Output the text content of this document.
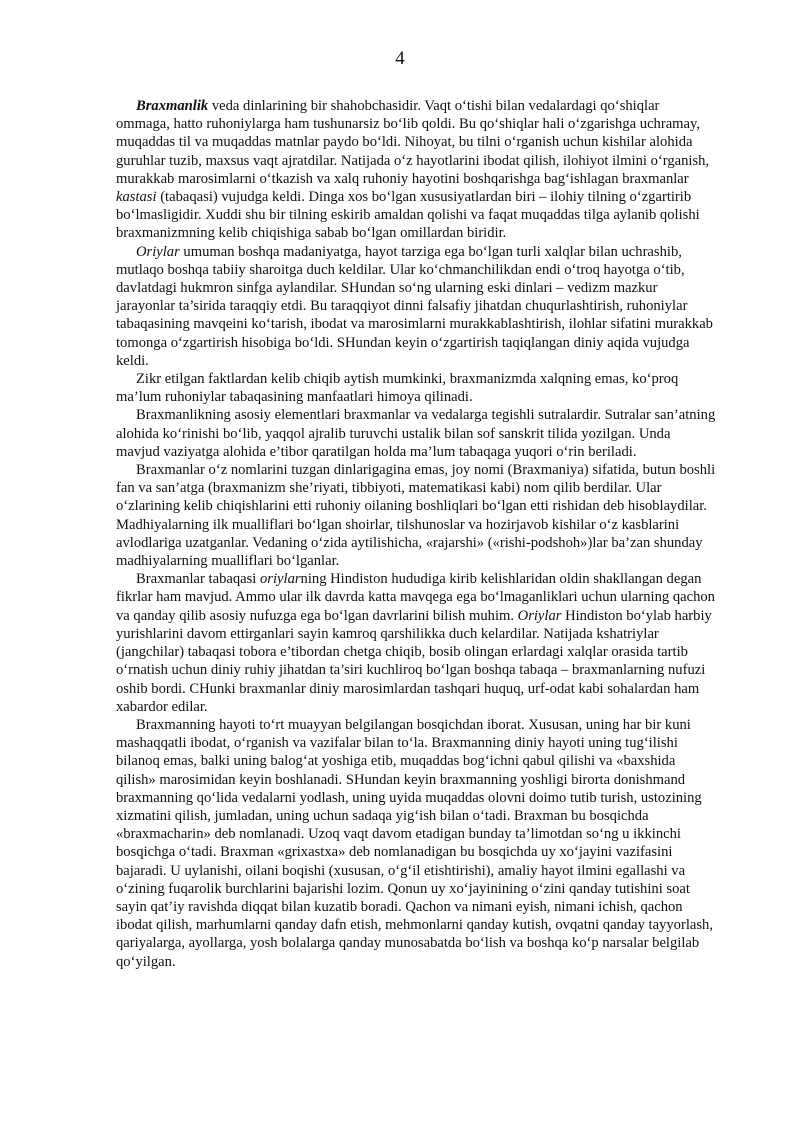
4

Braxmanlik veda dinlarining bir shahobchasidir. Vaqt o‘tishi bilan vedalardagi qo‘shiqlar ommaga, hatto ruhoniylarga ham tushunarsiz bo‘lib qoldi. Bu qo‘shiqlar hali o‘zgarishga uchramay, muqaddas til va muqaddas matnlar paydo bo‘ldi. Nihoyat, bu tilni o‘rganish uchun kishilar alohida guruhlar tuzib, maxsus vaqt ajratdilar. Natijada o‘z hayotlarini ibodat qilish, ilohiyot ilmini o‘rganish, murakkab marosimlarni o‘tkazish va xalq ruhoniy hayotini boshqarishga bag‘ishlagan braxmanlar kastasi (tabaqasi) vujudga keldi. Dinga xos bo‘lgan xususiyatlardan biri – ilohiy tilning o‘zgartirib bo‘lmasligidir. Xuddi shu bir tilning eskirib amaldan qolishi va faqat muqaddas tilga aylanib qolishi braxmanizmning kelib chiqishiga sabab bo‘lgan omillardan biridir.

Oriylar umuman boshqa madaniyatga, hayot tarziga ega bo‘lgan turli xalqlar bilan uchrashib, mutlaqo boshqa tabiiy sharoitga duch keldilar. Ular ko‘chmanchilikdan endi o‘troq hayotga o‘tib, davlatdagi hukmron sinfga aylandilar. SHundan so‘ng ularning eski dinlari – vedizm mazkur jarayonlar ta’sirida taraqqiy etdi. Bu taraqqiyot dinni falsafiy jihatdan chuqurlashtirish, ruhoniylar tabaqasining mavqeini ko‘tarish, ibodat va marosimlarni murakkablashtirish, ilohlar sifatini murakkab tomonga o‘zgartirish hisobiga bo‘ldi. SHundan keyin o‘zgartirish taqiqlangan diniy aqida vujudga keldi.

Zikr etilgan faktlardan kelib chiqib aytish mumkinki, braxmanizmda xalqning emas, ko‘proq ma’lum ruhoniylar tabaqasining manfaatlari himoya qilinadi.

Braxmanlikning asosiy elementlari braxmanlar va vedalarga tegishli sutralardir. Sutralar san’atning alohida ko‘rinishi bo‘lib, yaqqol ajralib turuvchi ustalik bilan sof sanskrit tilida yozilgan. Unda mavjud vaziyatga alohida e’tibor qaratilgan holda ma’lum tabaqaga yuqori o‘rin beriladi.

Braxmanlar o‘z nomlarini tuzgan dinlarigagina emas, joy nomi (Braxmaniya) sifatida, butun boshli fan va san’atga (braxmanizm she’riyati, tibbiyoti, matematikasi kabi) nom qilib berdilar. Ular o‘zlarining kelib chiqishlarini etti ruhoniy oilaning boshliqlari bo‘lgan etti rishidan deb hisoblaydilar. Madhiyalarning ilk mualliflari bo‘lgan shoirlar, tilshunoslar va hozirjavob kishilar o‘z kasblarini avlodlariga uzatganlar. Vedaning o‘zida aytilishicha, «rajarshi» («rishi-podshoh»)lar ba’zan shunday madhiyalarning mualliflari bo‘lganlar.

Braxmanlar tabaqasi oriylarning Hindiston hududiga kirib kelishlaridan oldin shakllangan degan fikrlar ham mavjud. Ammo ular ilk davrda katta mavqega ega bo‘lmaganliklari uchun ularning qachon va qanday qilib asosiy nufuzga ega bo‘lgan davrlarini bilish muhim. Oriylar Hindiston bo‘ylab harbiy yurishlarini davom ettirganlari sayin kamroq qarshilikka duch kelardilar. Natijada kshatriylar (jangchilar) tabaqasi tobora e’tibordan chetga chiqib, bosib olingan erlardagi xalqlar orasida tartib o‘rnatish uchun diniy ruhiy jihatdan ta’siri kuchliroq bo‘lgan boshqa tabaqa – braxmanlarning nufuzi oshib bordi. CHunki braxmanlar diniy marosimlardan tashqari huquq, urf-odat kabi sohalardan ham xabardor edilar.

Braxmanning hayoti to‘rt muayyan belgilangan bosqichdan iborat. Xususan, uning har bir kuni mashaqqatli ibodat, o‘rganish va vazifalar bilan to‘la. Braxmanning diniy hayoti uning tug‘ilishi bilanoq emas, balki uning balog‘at yoshiga etib, muqaddas bog‘ichni qabul qilishi va «baxshida qilish» marosimidan keyin boshlanadi. SHundan keyin braxmanning yoshligi birorta donishmand braxmanning qo‘lida vedalarni yodlash, uning uyida muqaddas olovni doimo tutib turish, ustozining xizmatini qilish, jumladan, uning uchun sadaqa yig‘ish bilan o‘tadi. Braxman bu bosqichda «braxmacharin» deb nomlanadi. Uzoq vaqt davom etadigan bunday ta’limotdan so‘ng u ikkinchi bosqichga o‘tadi. Braxman «grixastxa» deb nomlanadigan bu bosqichda uy xo‘jayini vazifasini bajaradi. U uylanishi, oilani boqishi (xususan, o‘g‘il etishtirishi), amaliy hayot ilmini egallashi va o‘zining fuqarolik burchlarini bajarishi lozim. Qonun uy xo‘jayinining o‘zini qanday tutishini soat sayin qat’iy ravishda diqqat bilan kuzatib boradi. Qachon va nimani eyish, nimani ichish, qachon ibodat qilish, marhumlarni qanday dafn etish, mehmonlarni qanday kutish, ovqatni qanday tayyorlash, qariyalarga, ayollarga, yosh bolalarga qanday munosabatda bo‘lish va boshqa ko‘p narsalar belgilab qo‘yilgan.
